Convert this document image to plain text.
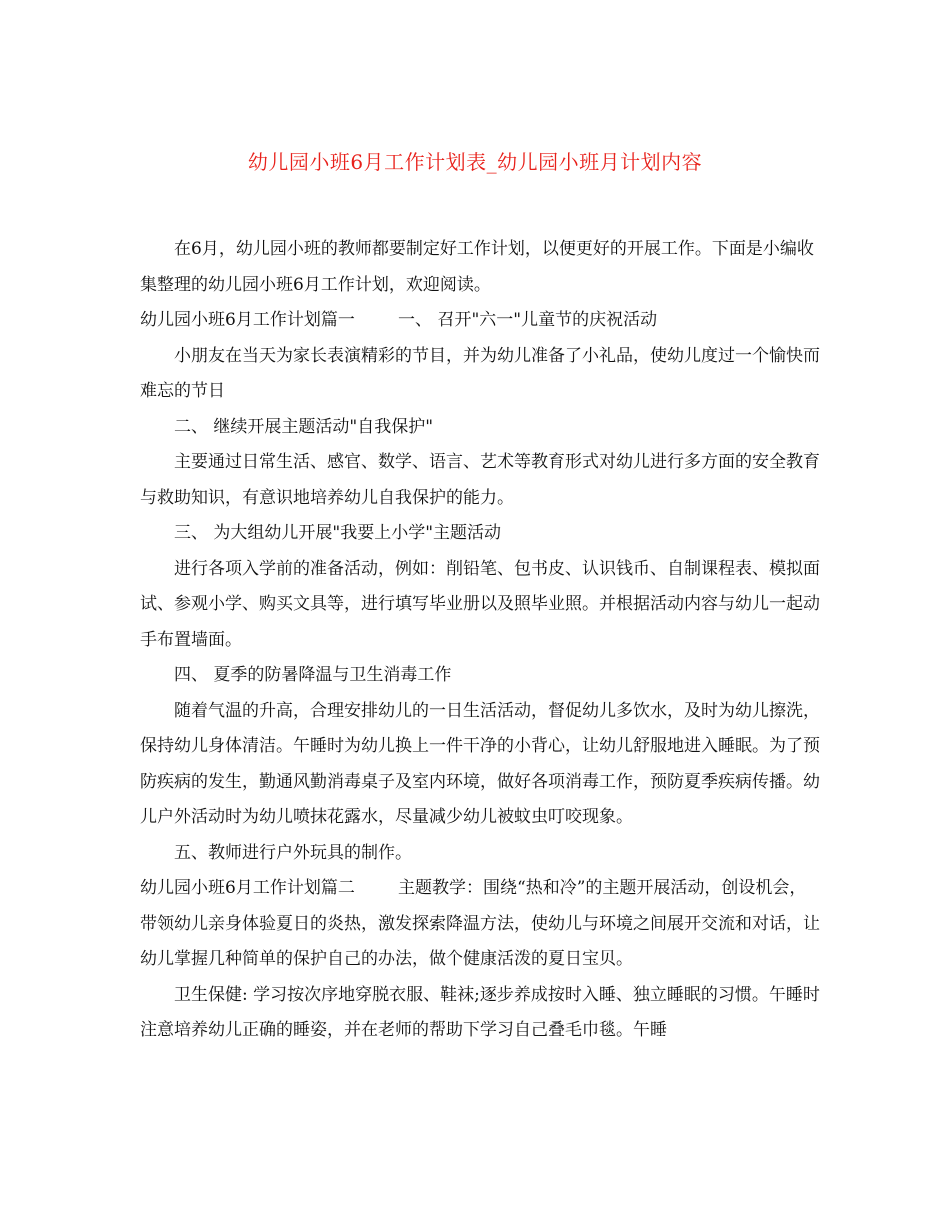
幼儿园小班6月工作计划表_幼儿园小班月计划内容

在6月，幼儿园小班的教师都要制定好工作计划，以便更好的开展工作。下面是小编收集整理的幼儿园小班6月工作计划，欢迎阅读。

幼儿园小班6月工作计划篇一        一、 召开"六一"儿童节的庆祝活动

小朋友在当天为家长表演精彩的节目，并为幼儿准备了小礼品，使幼儿度过一个愉快而难忘的节日

二、 继续开展主题活动"自我保护"

主要通过日常生活、感官、数学、语言、艺术等教育形式对幼儿进行多方面的安全教育与救助知识，有意识地培养幼儿自我保护的能力。

三、 为大组幼儿开展"我要上小学"主题活动

进行各项入学前的准备活动，例如：削铅笔、包书皮、认识钱币、自制课程表、模拟面试、参观小学、购买文具等，进行填写毕业册以及照毕业照。并根据活动内容与幼儿一起动手布置墙面。

四、 夏季的防暑降温与卫生消毒工作

随着气温的升高，合理安排幼儿的一日生活活动，督促幼儿多饮水，及时为幼儿擦洗，保持幼儿身体清洁。午睡时为幼儿换上一件干净的小背心，让幼儿舒服地进入睡眠。为了预防疾病的发生，勤通风勤消毒桌子及室内环境，做好各项消毒工作，预防夏季疾病传播。幼儿户外活动时为幼儿喷抹花露水，尽量减少幼儿被蚊虫叮咬现象。

五、教师进行户外玩具的制作。

幼儿园小班6月工作计划篇二        主题教学：围绕“热和冷”的主题开展活动，创设机会，带领幼儿亲身体验夏日的炎热，激发探索降温方法，使幼儿与环境之间展开交流和对话，让幼儿掌握几种简单的保护自己的办法，做个健康活泼的夏日宝贝。

卫生保健: 学习按次序地穿脱衣服、鞋袜;逐步养成按时入睡、独立睡眠的习惯。午睡时注意培养幼儿正确的睡姿，并在老师的帮助下学习自己叠毛巾毯。午睡
